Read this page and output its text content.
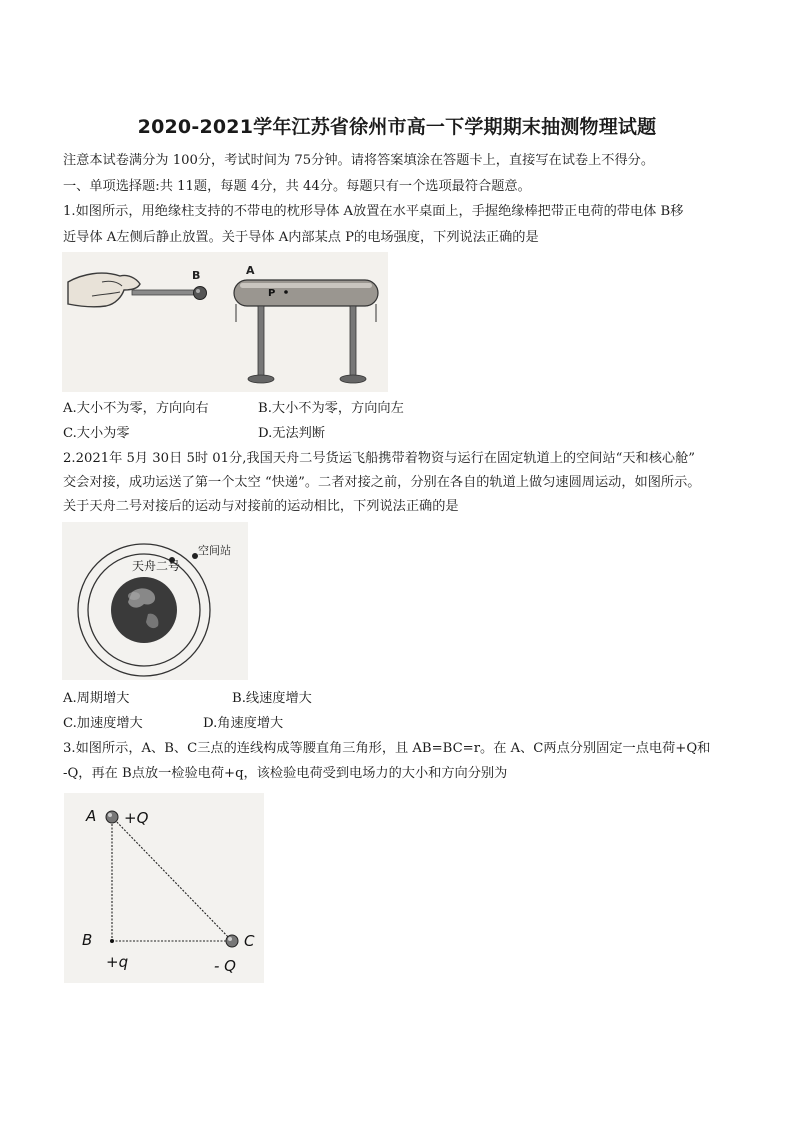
2020-2021学年江苏省徐州市高一下学期期末抽测物理试题
注意本试卷满分为 100分，考试时间为 75分钟。请将答案填涂在答题卡上，直接写在试卷上不得分。
一、单项选择题:共 11题，每题 4分，共 44分。每题只有一个选项最符合题意。
1.如图所示，用绝缘柱支持的不带电的枕形导体 A放置在水平桌面上，手握绝缘棒把带正电荷的带电体 B移
近导体 A左侧后静止放置。关于导体 A内部某点 P的电场强度，下列说法正确的是
B	A
P
A.大小不为零，方向向右	B.大小不为零，方向向左
C.大小为零	D.无法判断
2.2021年 5月 30日 5时 01分,我国天舟二号货运飞船携带着物资与运行在固定轨道上的空间站“天和核心舱”
交会对接，成功运送了第一个太空 “快递”。二者对接之前，分别在各自的轨道上做匀速圆周运动，如图所示。
关于天舟二号对接后的运动与对接前的运动相比，下列说法正确的是
空间站
天舟二号
A.周期增大	B.线速度增大
C.加速度增大	D.角速度增大
3.如图所示，A、B、C三点的连线构成等腰直角三角形，且 AB=BC=r。在 A、C两点分别固定一点电荷+Q和
-Q，再在 B点放一检验电荷+q，该检验电荷受到电场力的大小和方向分别为
A +Q
B
+q
C
- Q
